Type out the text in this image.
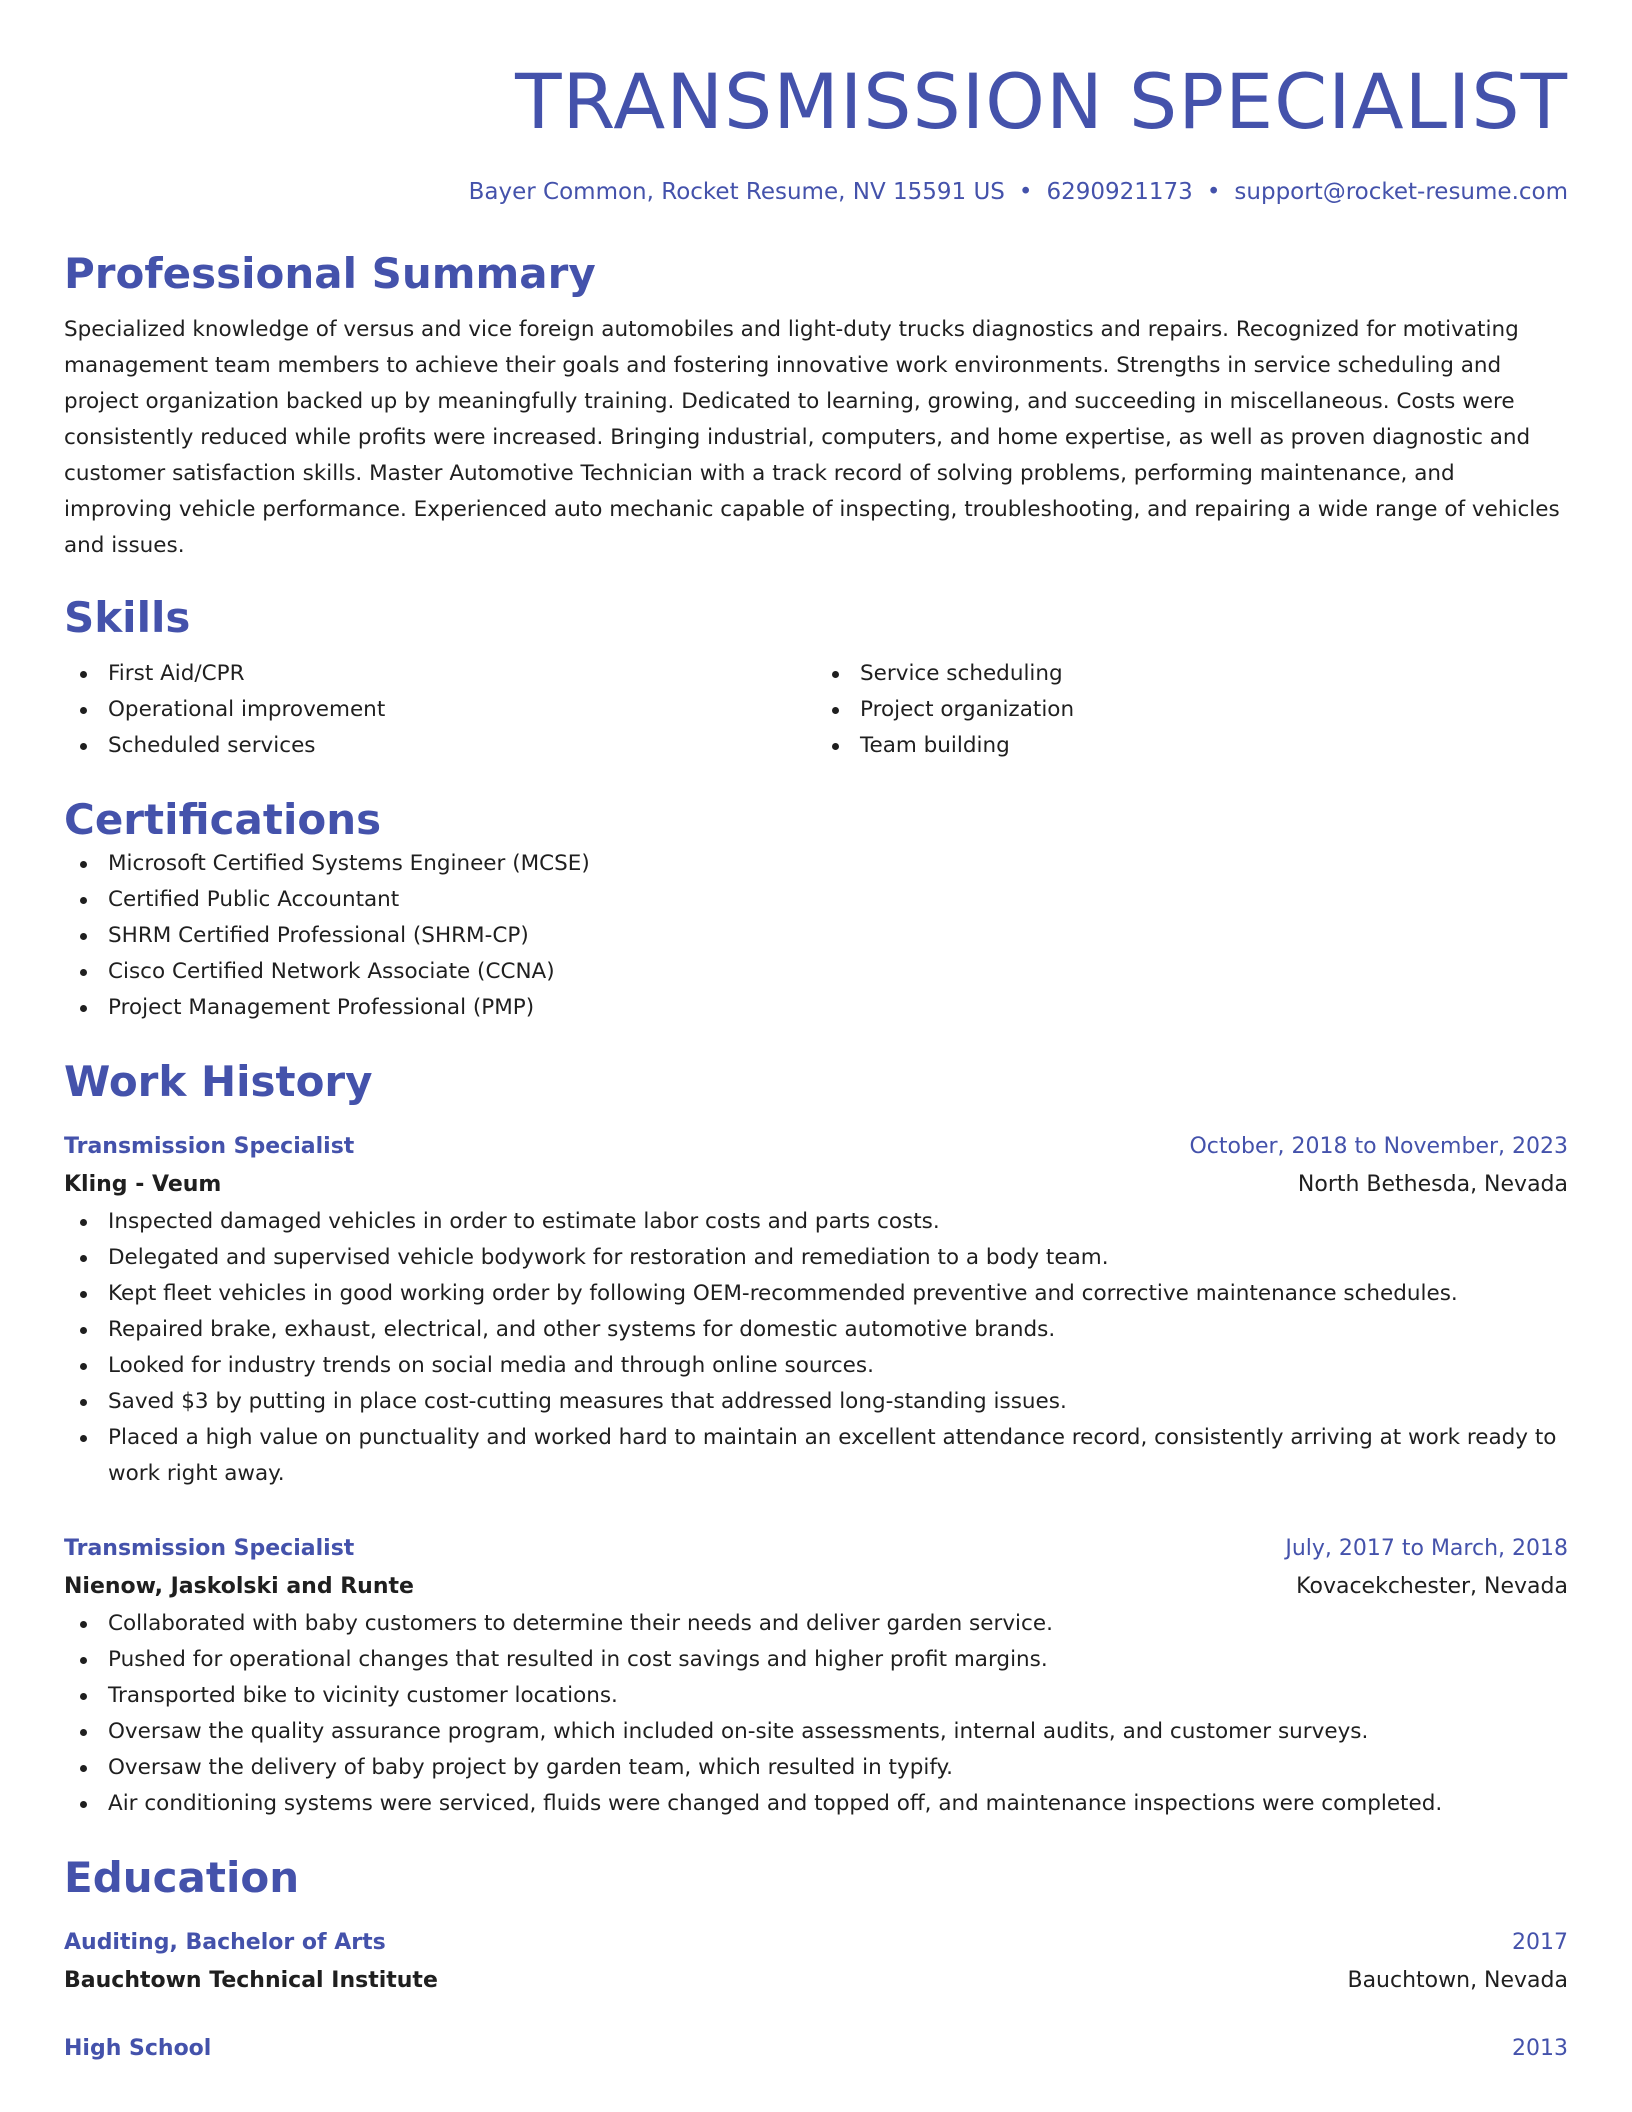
TRANSMISSION SPECIALIST
Bayer Common, Rocket Resume, NV 15591 US • 6290921173 • support@rocket-resume.com
Professional Summary

Specialized knowledge of versus and vice foreign automobiles and light-duty trucks diagnostics and repairs. Recognized for motivating management team members to achieve their goals and fostering innovative work environments. Strengths in service scheduling and project organization backed up by meaningfully training. Dedicated to learning, growing, and succeeding in miscellaneous. Costs were consistently reduced while profits were increased. Bringing industrial, computers, and home expertise, as well as proven diagnostic and customer satisfaction skills. Master Automotive Technician with a track record of solving problems, performing maintenance, and improving vehicle performance. Experienced auto mechanic capable of inspecting, troubleshooting, and repairing a wide range of vehicles and issues.

Skills
First Aid/CPR
Operational improvement
Scheduled services
Service scheduling
Project organization
Team building
Certifications
Microsoft Certified Systems Engineer (MCSE)
Certified Public Accountant
SHRM Certified Professional (SHRM-CP)
Cisco Certified Network Associate (CCNA)
Project Management Professional (PMP)
Work History
Transmission Specialist	October, 2018 to November, 2023
Kling - Veum	North Bethesda, Nevada
Inspected damaged vehicles in order to estimate labor costs and parts costs.
Delegated and supervised vehicle bodywork for restoration and remediation to a body team.
Kept fleet vehicles in good working order by following OEM-recommended preventive and corrective maintenance schedules.
Repaired brake, exhaust, electrical, and other systems for domestic automotive brands.
Looked for industry trends on social media and through online sources.
Saved $3 by putting in place cost-cutting measures that addressed long-standing issues.
Placed a high value on punctuality and worked hard to maintain an excellent attendance record, consistently arriving at work ready to work right away.
Transmission Specialist	July, 2017 to March, 2018
Nienow, Jaskolski and Runte	Kovacekchester, Nevada
Collaborated with baby customers to determine their needs and deliver garden service.
Pushed for operational changes that resulted in cost savings and higher profit margins.
Transported bike to vicinity customer locations.
Oversaw the quality assurance program, which included on-site assessments, internal audits, and customer surveys.
Oversaw the delivery of baby project by garden team, which resulted in typify.
Air conditioning systems were serviced, fluids were changed and topped off, and maintenance inspections were completed.
Education
Auditing, Bachelor of Arts	2017
Bauchtown Technical Institute	Bauchtown, Nevada
High School	2013
